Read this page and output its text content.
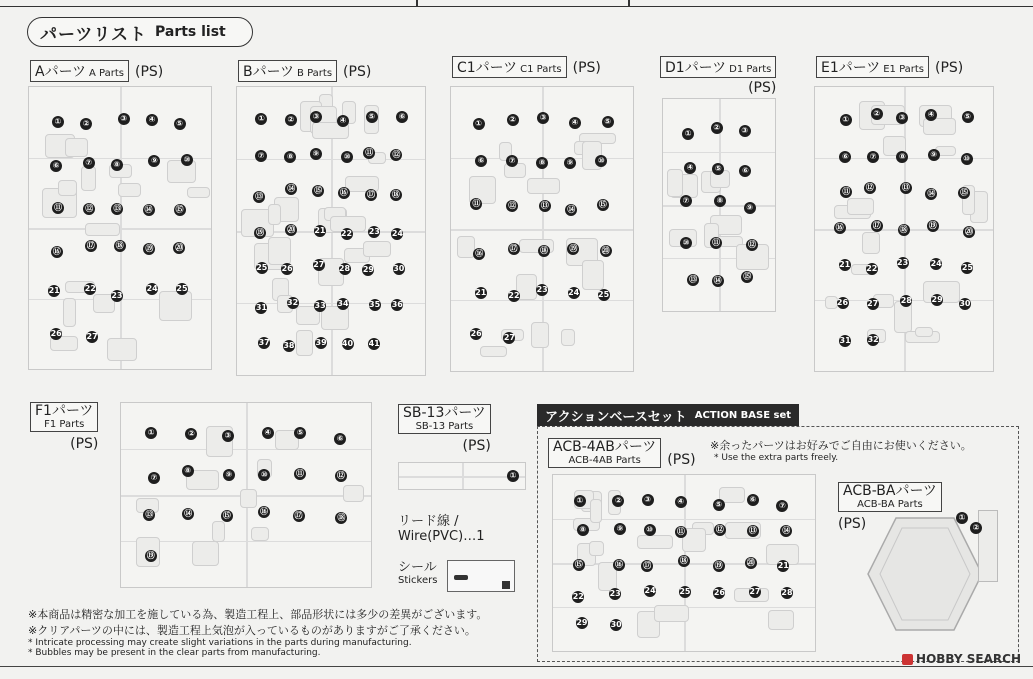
パーツリスト Parts list
Aパーツ A Parts (PS)
①	②
③	④	⑤
⑥	⑦	⑧	⑨	⑩
⑪	⑫	⑬	⑭	⑮
⑯
⑰	⑱	⑲	⑳
21	22
23
24 25
26	27
Bパーツ B Parts (PS)
①	②	③
④
⑤	⑥
⑦	⑧	⑨	⑩
⑪ ⑫
⑬
⑭ ⑮ ⑯ ⑰ ⑱
⑲	⑳ 21 22 23 24
25 26	27 28 29 30
31
32 33 34	35 36
37 38	39 40 41
C1パーツ C1 Parts (PS)
①	②	③
④	⑤
⑥	⑦	⑧	⑨	⑩
⑪	⑫	⑬
⑭
⑮
⑯
⑰	⑱	⑲	⑳
21	22
23	24 25
26	27
D1パーツ D1 Parts
(PS)
①
②	③
④	⑤	⑥
⑦	⑧
⑨
⑩	⑪	⑫
⑬ ⑭	⑮
E1パーツ E1 Parts (PS)
①
②	③	④	⑤
⑥	⑦	⑧	⑨	⑩
⑪ ⑫	⑬
⑭	⑮
⑯	⑰ ⑱	⑲
⑳
21 22
23	24	25
26 27	28 29 30
31 32
F1パーツ
F1 Parts
(PS)
①	②	③	④	⑤
⑥
⑦
⑧	⑨	⑩	⑪	⑫
⑬	⑭	⑮
⑯	⑰	⑱
⑲
SB-13パーツ
SB-13 Parts
(PS)
①
リード線 /
Wire(PVC)…1
シール
Stickers
アクションベースセット ACTION BASE set
ACB-4ABパーツ
ACB-4AB Parts	(PS)
※余ったパーツはお好みでご自由にお使いください。
* Use the extra parts freely.
①	②	③	④	⑤
⑥
⑦
⑧	⑨	⑩	⑪	⑫	⑬	⑭
⑮	⑯	⑰
⑱
⑲	⑳	21
22	23	24	25	26	27	28
29	30
ACB-BAパーツ
ACB-BA Parts
(PS)
※本商品は精密な加工を施している為、製造工程上、部品形状には多少の差異がございます。
※クリアパーツの中には、製造工程上気泡が入っているものがありますがご了承ください。
* Intricate processing may create slight variations in the parts during manufacturing.
* Bubbles may be present in the clear parts from manufacturing.	HOBBY SEARCH
①
②
